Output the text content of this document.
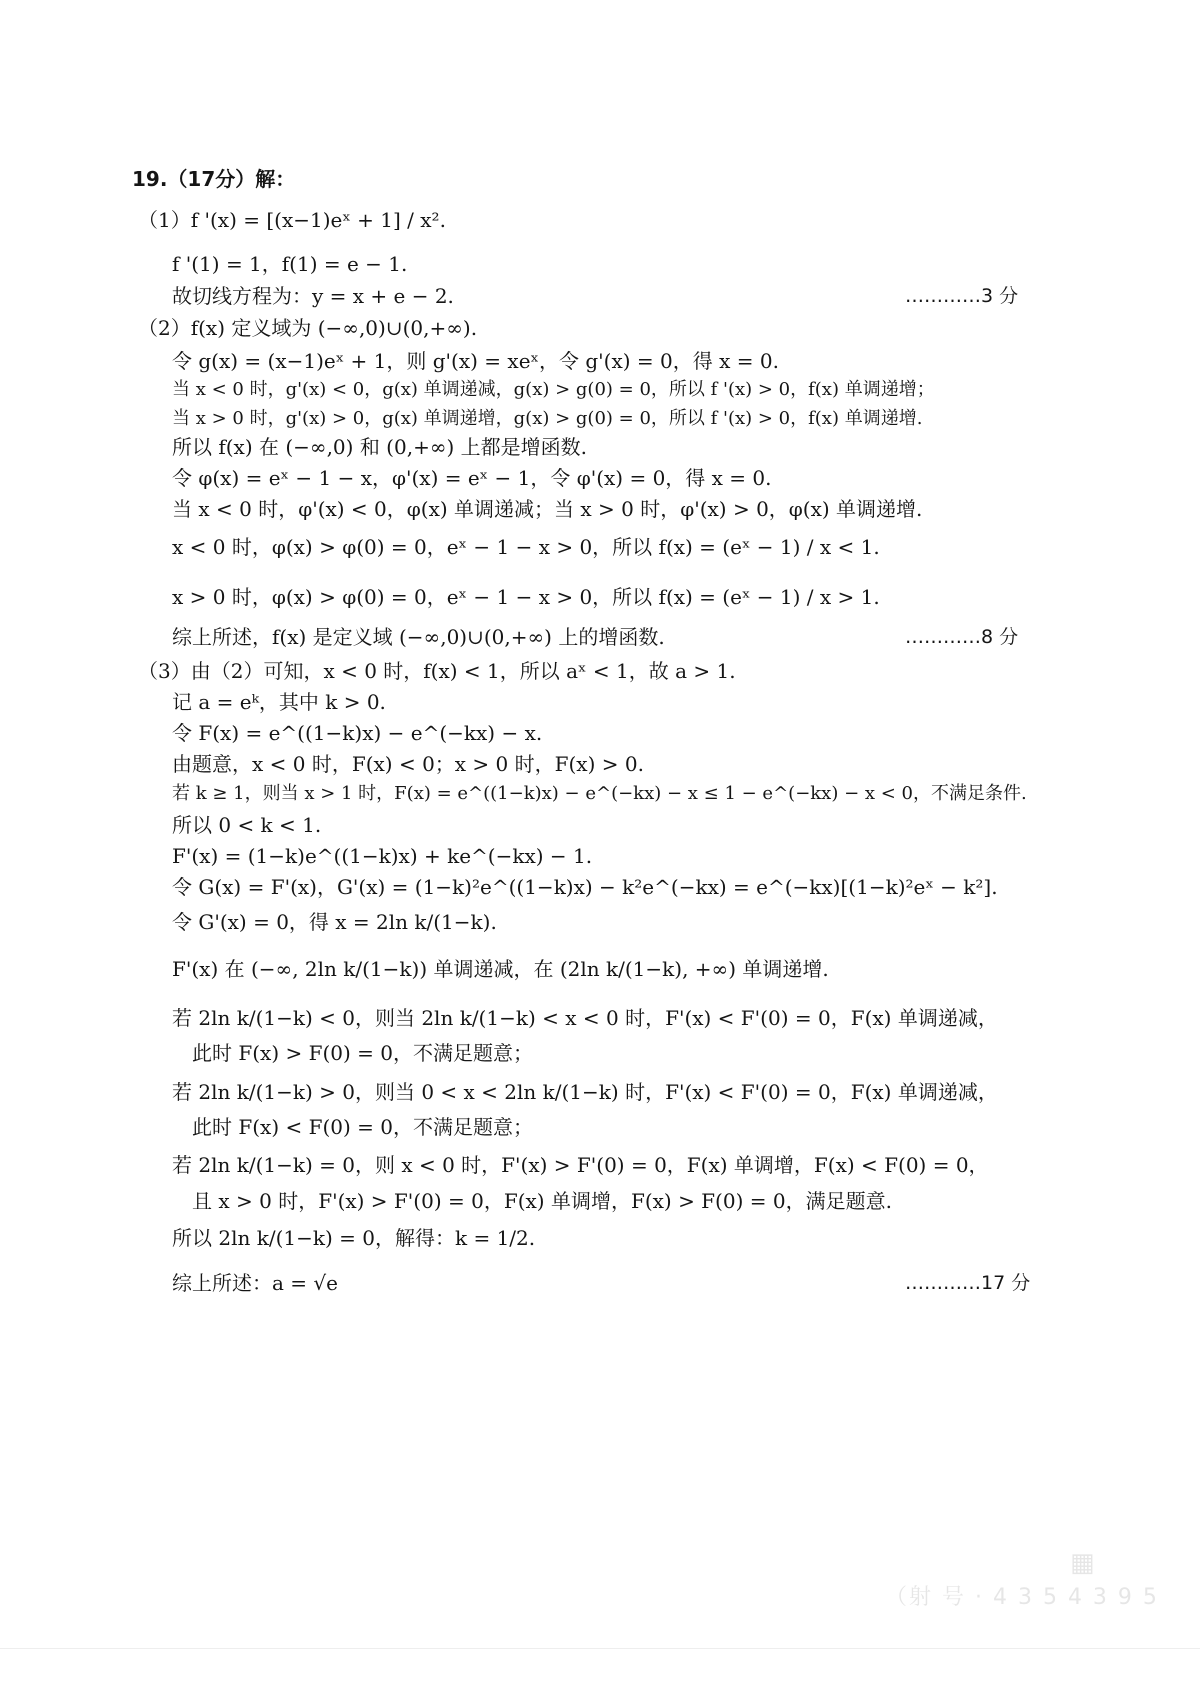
19.（17分）解：
（1）f '(x) = [(x−1)eˣ + 1] / x².
f '(1) = 1，f(1) = e − 1.
故切线方程为：y = x + e − 2.	…………3 分
（2）f(x) 定义域为 (−∞,0)∪(0,+∞).
令 g(x) = (x−1)eˣ + 1，则 g'(x) = xeˣ，令 g'(x) = 0，得 x = 0.
当 x < 0 时，g'(x) < 0，g(x) 单调递减，g(x) > g(0) = 0，所以 f '(x) > 0，f(x) 单调递增；
当 x > 0 时，g'(x) > 0，g(x) 单调递增，g(x) > g(0) = 0，所以 f '(x) > 0，f(x) 单调递增.
所以 f(x) 在 (−∞,0) 和 (0,+∞) 上都是增函数.
令 φ(x) = eˣ − 1 − x，φ'(x) = eˣ − 1，令 φ'(x) = 0，得 x = 0.
当 x < 0 时，φ'(x) < 0，φ(x) 单调递减；当 x > 0 时，φ'(x) > 0，φ(x) 单调递增.
x < 0 时，φ(x) > φ(0) = 0，eˣ − 1 − x > 0，所以 f(x) = (eˣ − 1) / x < 1.
x > 0 时，φ(x) > φ(0) = 0，eˣ − 1 − x > 0，所以 f(x) = (eˣ − 1) / x > 1.
综上所述，f(x) 是定义域 (−∞,0)∪(0,+∞) 上的增函数.	…………8 分
（3）由（2）可知，x < 0 时，f(x) < 1，所以 aˣ < 1，故 a > 1.
记 a = eᵏ，其中 k > 0.
令 F(x) = e^((1−k)x) − e^(−kx) − x.
由题意，x < 0 时，F(x) < 0；x > 0 时，F(x) > 0.
若 k ≥ 1，则当 x > 1 时，F(x) = e^((1−k)x) − e^(−kx) − x ≤ 1 − e^(−kx) − x < 0，不满足条件.
所以 0 < k < 1.
F'(x) = (1−k)e^((1−k)x) + ke^(−kx) − 1.
令 G(x) = F'(x)，G'(x) = (1−k)²e^((1−k)x) − k²e^(−kx) = e^(−kx)[(1−k)²eˣ − k²].
令 G'(x) = 0，得 x = 2ln k/(1−k).
F'(x) 在 (−∞, 2ln k/(1−k)) 单调递减，在 (2ln k/(1−k), +∞) 单调递增.
若 2ln k/(1−k) < 0，则当 2ln k/(1−k) < x < 0 时，F'(x) < F'(0) = 0，F(x) 单调递减，
　此时 F(x) > F(0) = 0，不满足题意；
若 2ln k/(1−k) > 0，则当 0 < x < 2ln k/(1−k) 时，F'(x) < F'(0) = 0，F(x) 单调递减，
　此时 F(x) < F(0) = 0，不满足题意；
若 2ln k/(1−k) = 0，则 x < 0 时，F'(x) > F'(0) = 0，F(x) 单调增，F(x) < F(0) = 0，
　且 x > 0 时，F'(x) > F'(0) = 0，F(x) 单调增，F(x) > F(0) = 0，满足题意.
所以 2ln k/(1−k) = 0，解得：k = 1/2.
综上所述：a = √e	…………17 分
▦
（射 号 · 4 3 5 4 3 9 5
